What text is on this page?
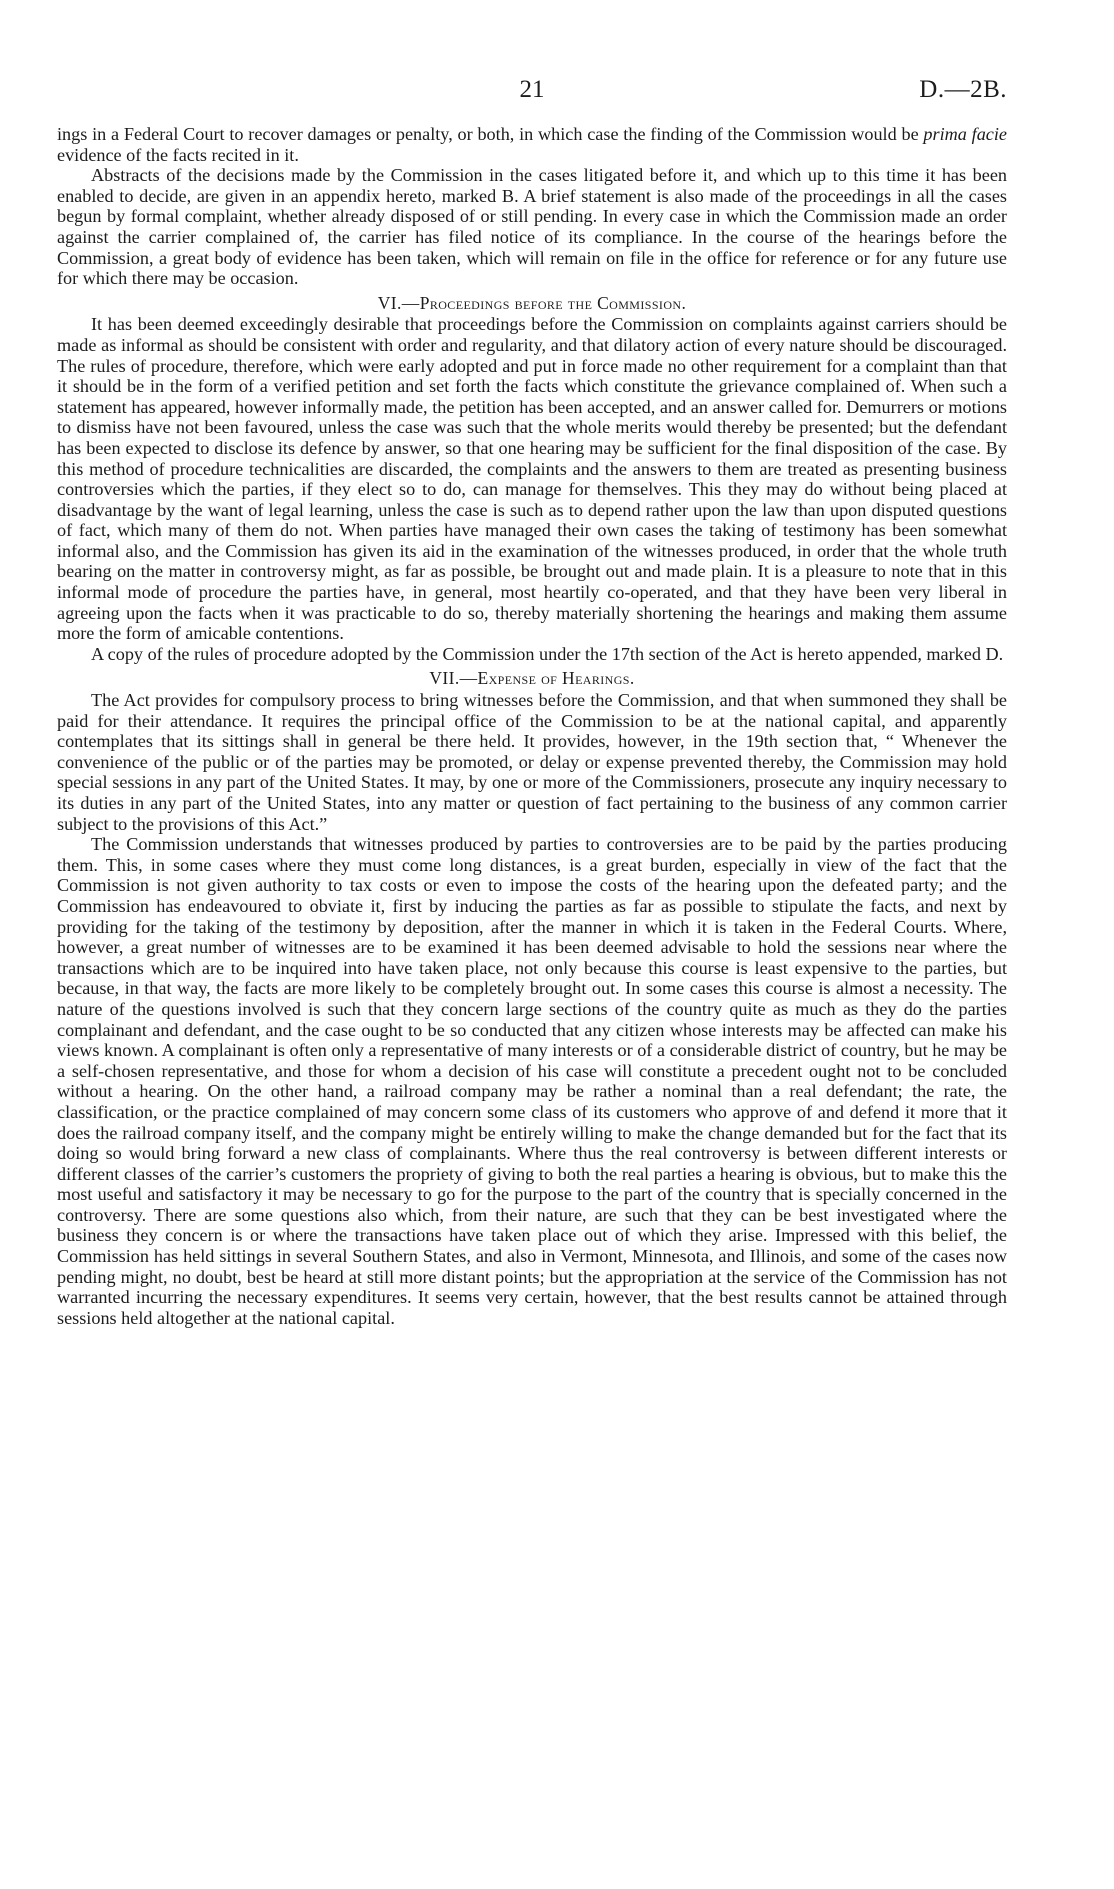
21	D.—2B.

ings in a Federal Court to recover damages or penalty, or both, in which case the finding of the Commission would be prima facie evidence of the facts recited in it.

Abstracts of the decisions made by the Commission in the cases litigated before it, and which up to this time it has been enabled to decide, are given in an appendix hereto, marked B. A brief statement is also made of the proceedings in all the cases begun by formal complaint, whether already disposed of or still pending. In every case in which the Commission made an order against the carrier complained of, the carrier has filed notice of its compliance. In the course of the hearings before the Commission, a great body of evidence has been taken, which will remain on file in the office for reference or for any future use for which there may be occasion.

VI.—Proceedings before the Commission.

It has been deemed exceedingly desirable that proceedings before the Commission on complaints against carriers should be made as informal as should be consistent with order and regularity, and that dilatory action of every nature should be discouraged. The rules of procedure, therefore, which were early adopted and put in force made no other requirement for a complaint than that it should be in the form of a verified petition and set forth the facts which constitute the grievance complained of. When such a statement has appeared, however informally made, the petition has been accepted, and an answer called for. Demurrers or motions to dismiss have not been favoured, unless the case was such that the whole merits would thereby be presented; but the defendant has been expected to disclose its defence by answer, so that one hearing may be sufficient for the final disposition of the case. By this method of procedure technicalities are discarded, the complaints and the answers to them are treated as presenting business controversies which the parties, if they elect so to do, can manage for themselves. This they may do without being placed at disadvantage by the want of legal learning, unless the case is such as to depend rather upon the law than upon disputed questions of fact, which many of them do not. When parties have managed their own cases the taking of testimony has been somewhat informal also, and the Commission has given its aid in the examination of the witnesses produced, in order that the whole truth bearing on the matter in controversy might, as far as possible, be brought out and made plain. It is a pleasure to note that in this informal mode of procedure the parties have, in general, most heartily co-operated, and that they have been very liberal in agreeing upon the facts when it was practicable to do so, thereby materially shortening the hearings and making them assume more the form of amicable contentions.

A copy of the rules of procedure adopted by the Commission under the 17th section of the Act is hereto appended, marked D.

VII.—Expense of Hearings.

The Act provides for compulsory process to bring witnesses before the Commission, and that when summoned they shall be paid for their attendance. It requires the principal office of the Commission to be at the national capital, and apparently contemplates that its sittings shall in general be there held. It provides, however, in the 19th section that, “ Whenever the convenience of the public or of the parties may be promoted, or delay or expense prevented thereby, the Commission may hold special sessions in any part of the United States. It may, by one or more of the Commissioners, prosecute any inquiry necessary to its duties in any part of the United States, into any matter or question of fact pertaining to the business of any common carrier subject to the provisions of this Act.”

The Commission understands that witnesses produced by parties to controversies are to be paid by the parties producing them. This, in some cases where they must come long distances, is a great burden, especially in view of the fact that the Commission is not given authority to tax costs or even to impose the costs of the hearing upon the defeated party; and the Commission has endeavoured to obviate it, first by inducing the parties as far as possible to stipulate the facts, and next by providing for the taking of the testimony by deposition, after the manner in which it is taken in the Federal Courts. Where, however, a great number of witnesses are to be examined it has been deemed advisable to hold the sessions near where the transactions which are to be inquired into have taken place, not only because this course is least expensive to the parties, but because, in that way, the facts are more likely to be completely brought out. In some cases this course is almost a necessity. The nature of the questions involved is such that they concern large sections of the country quite as much as they do the parties complainant and defendant, and the case ought to be so conducted that any citizen whose interests may be affected can make his views known. A complainant is often only a representative of many interests or of a considerable district of country, but he may be a self-chosen representative, and those for whom a decision of his case will constitute a precedent ought not to be concluded without a hearing. On the other hand, a railroad company may be rather a nominal than a real defendant; the rate, the classification, or the practice complained of may concern some class of its customers who approve of and defend it more that it does the railroad company itself, and the company might be entirely willing to make the change demanded but for the fact that its doing so would bring forward a new class of complainants. Where thus the real controversy is between different interests or different classes of the carrier’s customers the propriety of giving to both the real parties a hearing is obvious, but to make this the most useful and satisfactory it may be necessary to go for the purpose to the part of the country that is specially concerned in the controversy. There are some questions also which, from their nature, are such that they can be best investigated where the business they concern is or where the transactions have taken place out of which they arise. Impressed with this belief, the Commission has held sittings in several Southern States, and also in Vermont, Minnesota, and Illinois, and some of the cases now pending might, no doubt, best be heard at still more distant points; but the appropriation at the service of the Commission has not warranted incurring the necessary expenditures. It seems very certain, however, that the best results cannot be attained through sessions held altogether at the national capital.
